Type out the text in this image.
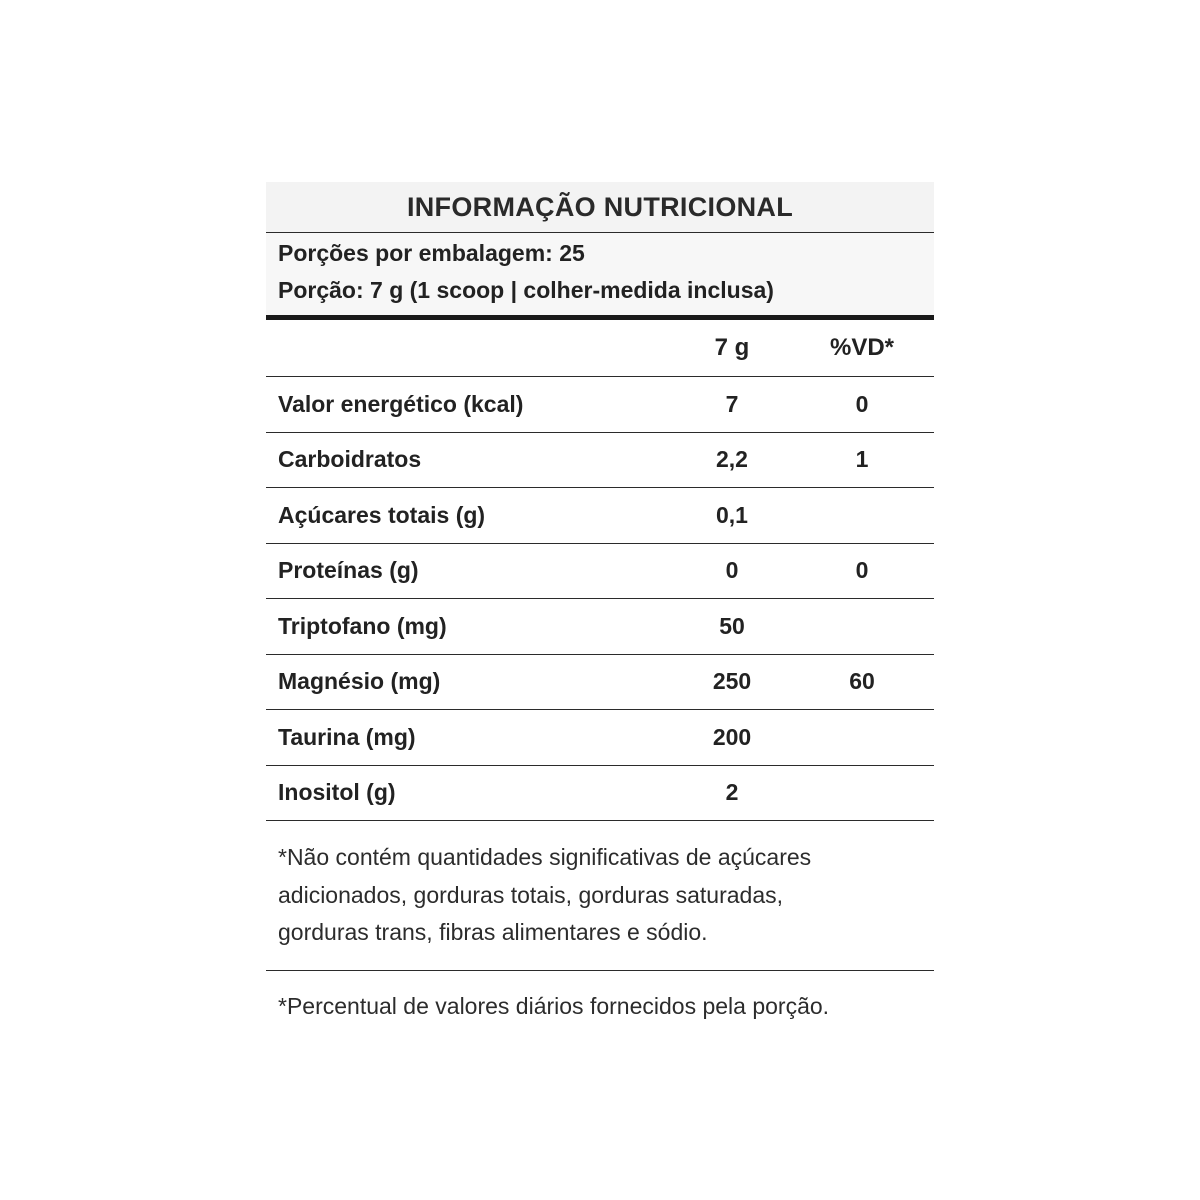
INFORMAÇÃO NUTRICIONAL
Porções por embalagem: 25
Porção: 7 g (1 scoop | colher-medida inclusa)
7 g	%VD*
Valor energético (kcal)	7	0
Carboidratos	2,2	1
Açúcares totais (g)	0,1
Proteínas (g)	0	0
Triptofano (mg)	50
Magnésio (mg)	250	60
Taurina (mg)	200
Inositol (g)	2
*Não contém quantidades significativas de açúcares
adicionados, gorduras totais, gorduras saturadas,
gorduras trans, fibras alimentares e sódio.
*Percentual de valores diários fornecidos pela porção.
